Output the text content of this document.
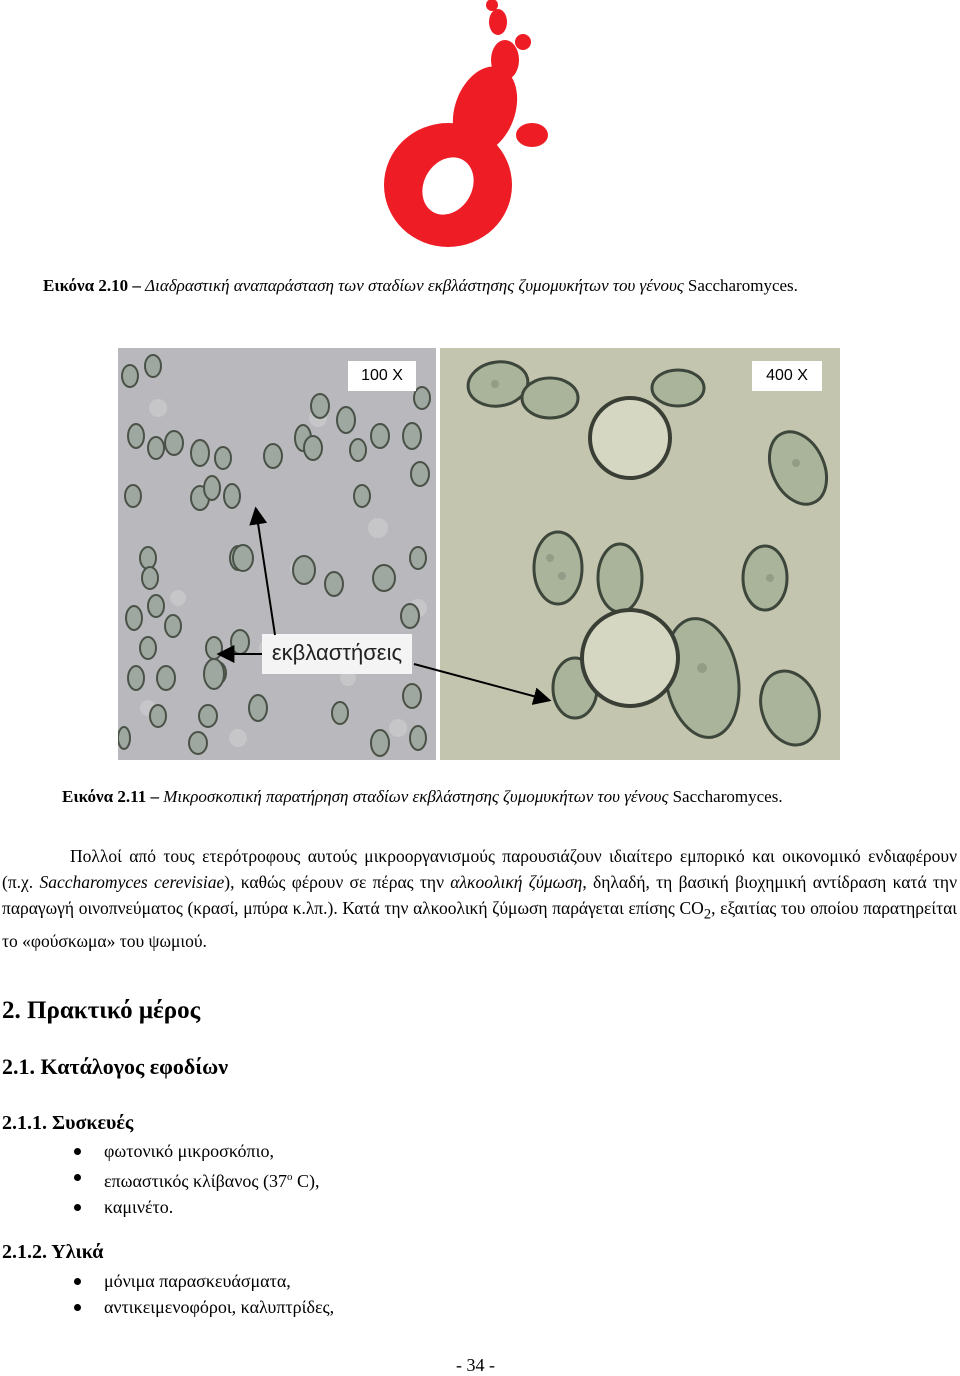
Εικόνα 2.10 – Διαδραστική αναπαράσταση των σταδίων εκβλάστησης ζυμομυκήτων του γένους Saccharomyces.
100 X	400 X
εκβλαστήσεις
Εικόνα 2.11 – Μικροσκοπική παρατήρηση σταδίων εκβλάστησης ζυμομυκήτων του γένους Saccharomyces.
Πολλοί από τους ετερότροφους αυτούς μικροοργανισμούς παρουσιάζουν ιδιαίτερο εμπορικό και οικονομικό ενδιαφέρουν (π.χ. Saccharomyces cerevisiae), καθώς φέρουν σε πέρας την αλκοολική ζύμωση, δηλαδή, τη βασική βιοχημική αντίδραση κατά την παραγωγή οινοπνεύματος (κρασί, μπύρα κ.λπ.). Κατά την αλκοολική ζύμωση παράγεται επίσης $CO_2$, εξαιτίας του οποίου παρατηρείται το «φούσκωμα» του ψωμιού.
2. Πρακτικό μέρος
2.1. Κατάλογος εφοδίων
2.1.1. Συσκευές
φωτονικό μικροσκόπιο,
επωαστικός κλίβανος ($37^o$ C),
καμινέτο.
2.1.2. Υλικά
μόνιμα παρασκευάσματα,
αντικειμενοφόροι, καλυπτρίδες,
- 34 -
